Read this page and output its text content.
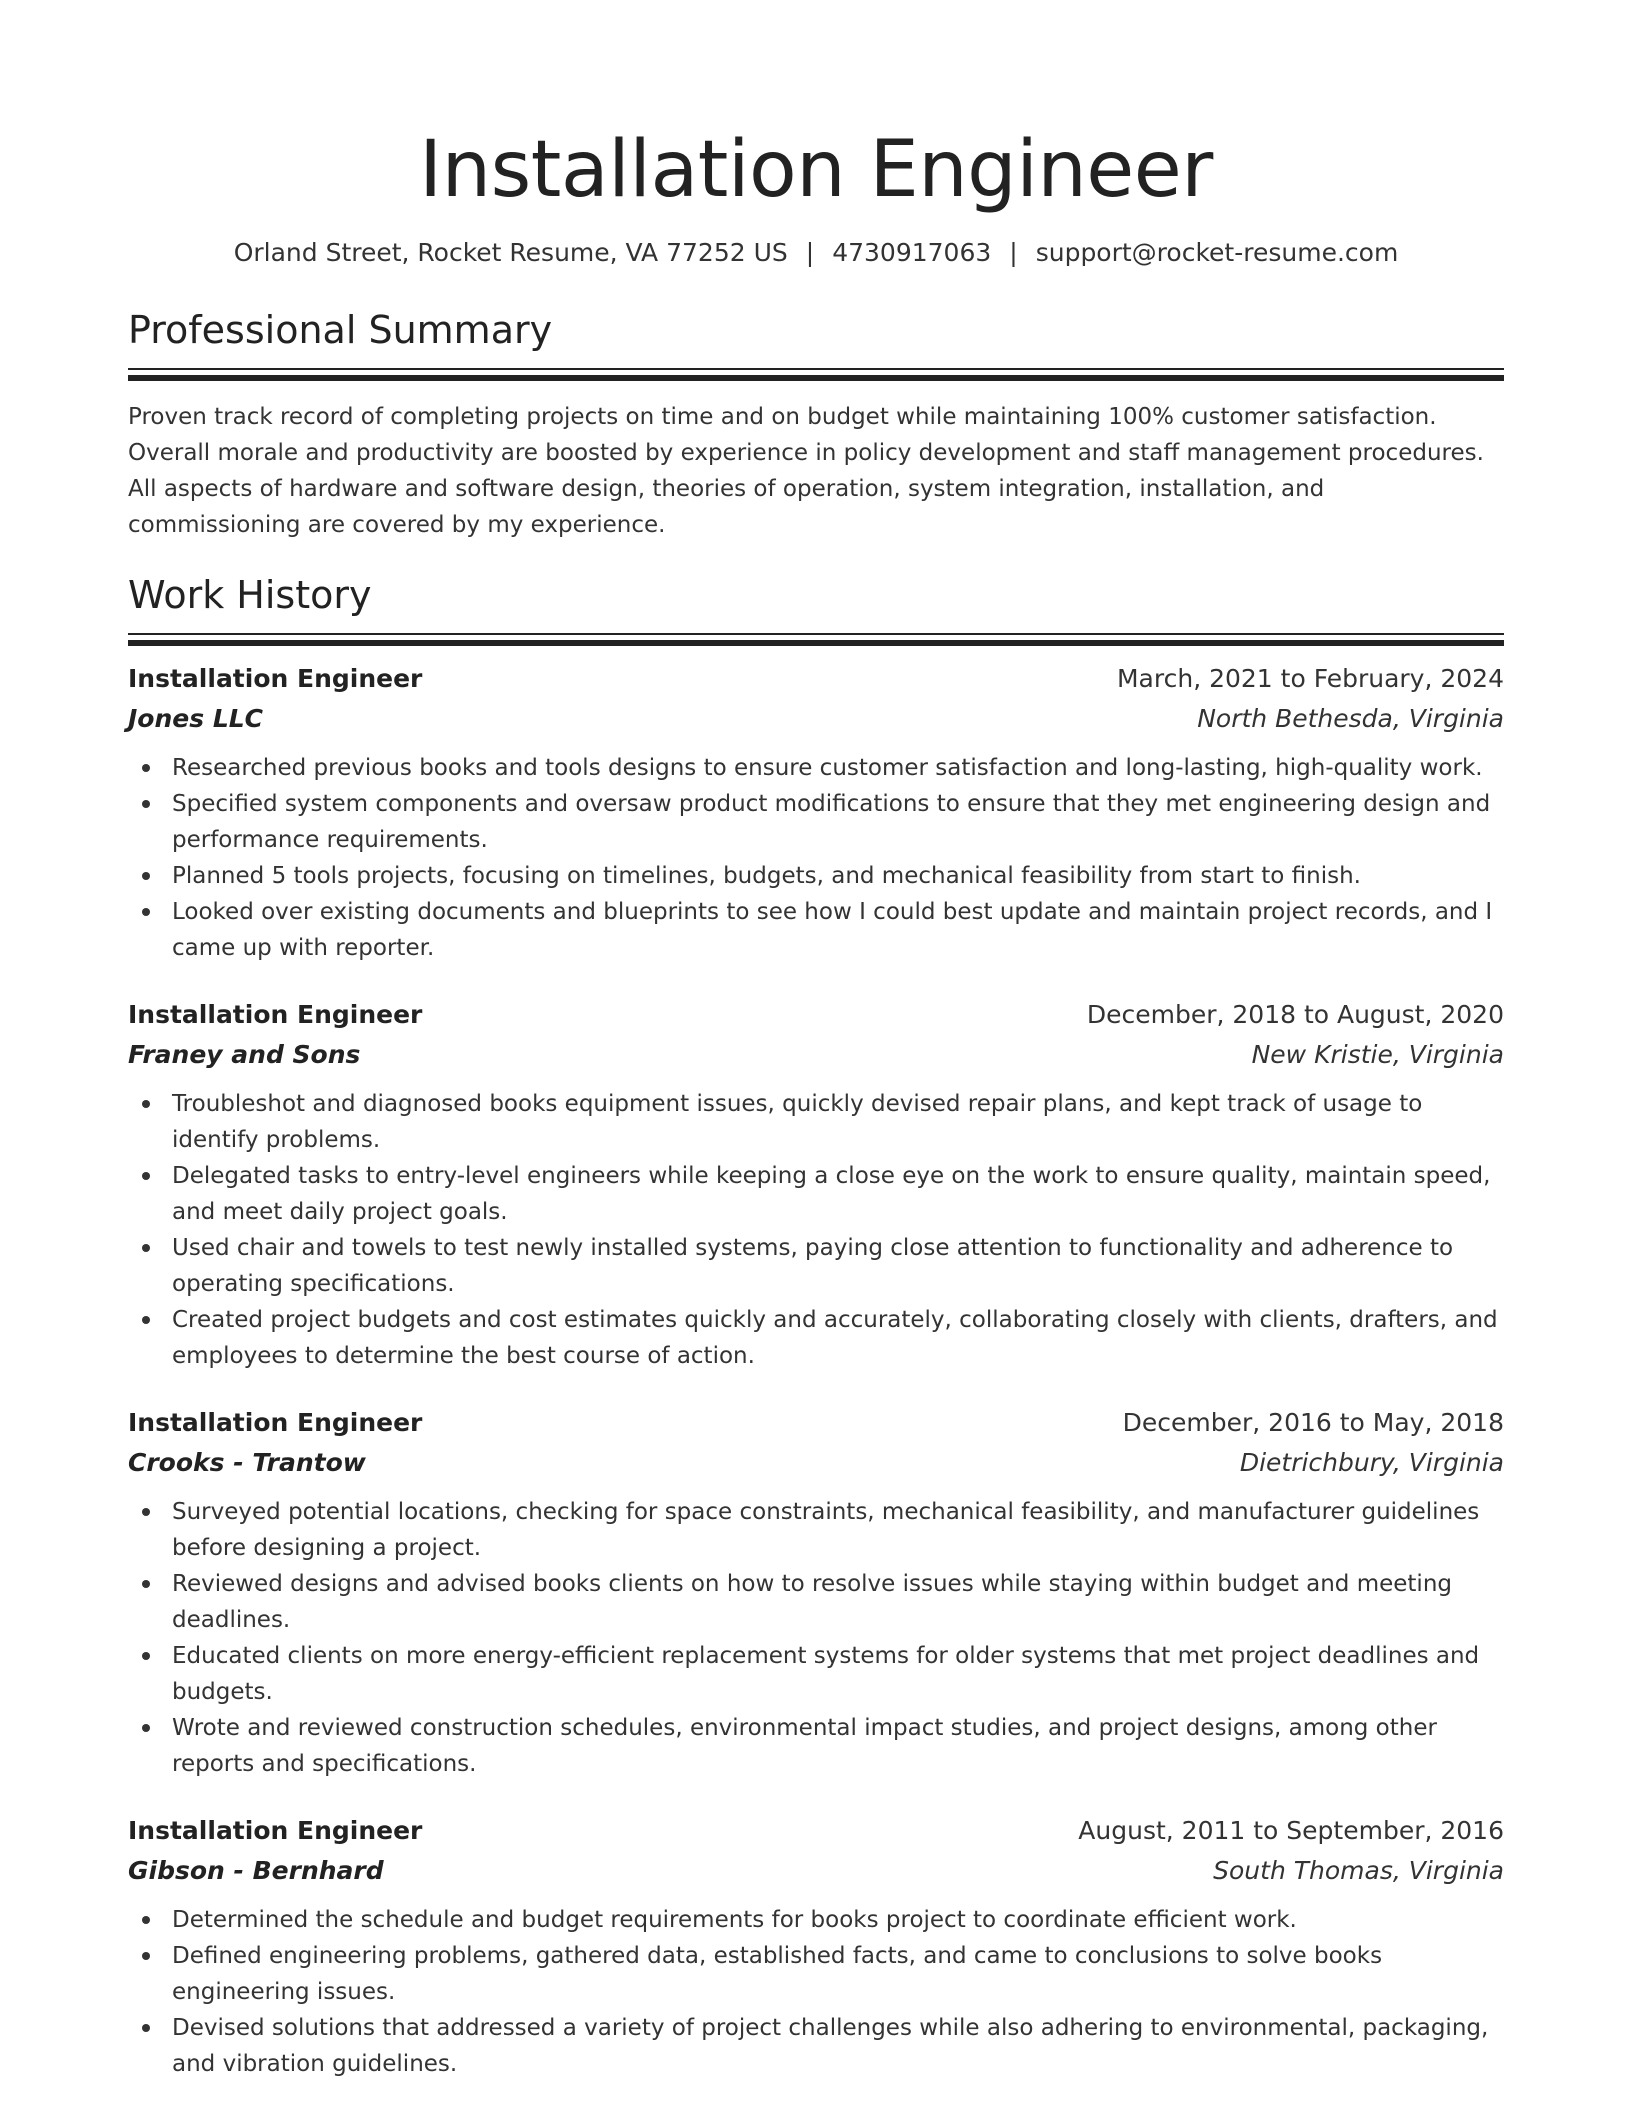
Installation Engineer
Orland Street, Rocket Resume, VA 77252 US | 4730917063 | support@rocket-resume.com
Professional Summary
Proven track record of completing projects on time and on budget while maintaining 100% customer satisfaction. Overall morale and productivity are boosted by experience in policy development and staff management procedures. All aspects of hardware and software design, theories of operation, system integration, installation, and commissioning are covered by my experience.
Work History
Installation Engineer	March, 2021 to February, 2024
Jones LLC	North Bethesda, Virginia
Researched previous books and tools designs to ensure customer satisfaction and long-lasting, high-quality work.
Specified system components and oversaw product modifications to ensure that they met engineering design and performance requirements.
Planned 5 tools projects, focusing on timelines, budgets, and mechanical feasibility from start to finish.
Looked over existing documents and blueprints to see how I could best update and maintain project records, and I came up with reporter.
Installation Engineer	December, 2018 to August, 2020
Franey and Sons	New Kristie, Virginia
Troubleshot and diagnosed books equipment issues, quickly devised repair plans, and kept track of usage to identify problems.
Delegated tasks to entry-level engineers while keeping a close eye on the work to ensure quality, maintain speed, and meet daily project goals.
Used chair and towels to test newly installed systems, paying close attention to functionality and adherence to operating specifications.
Created project budgets and cost estimates quickly and accurately, collaborating closely with clients, drafters, and employees to determine the best course of action.
Installation Engineer	December, 2016 to May, 2018
Crooks - Trantow	Dietrichbury, Virginia
Surveyed potential locations, checking for space constraints, mechanical feasibility, and manufacturer guidelines before designing a project.
Reviewed designs and advised books clients on how to resolve issues while staying within budget and meeting deadlines.
Educated clients on more energy-efficient replacement systems for older systems that met project deadlines and budgets.
Wrote and reviewed construction schedules, environmental impact studies, and project designs, among other reports and specifications.
Installation Engineer	August, 2011 to September, 2016
Gibson - Bernhard	South Thomas, Virginia
Determined the schedule and budget requirements for books project to coordinate efficient work.
Defined engineering problems, gathered data, established facts, and came to conclusions to solve books engineering issues.
Devised solutions that addressed a variety of project challenges while also adhering to environmental, packaging, and vibration guidelines.
